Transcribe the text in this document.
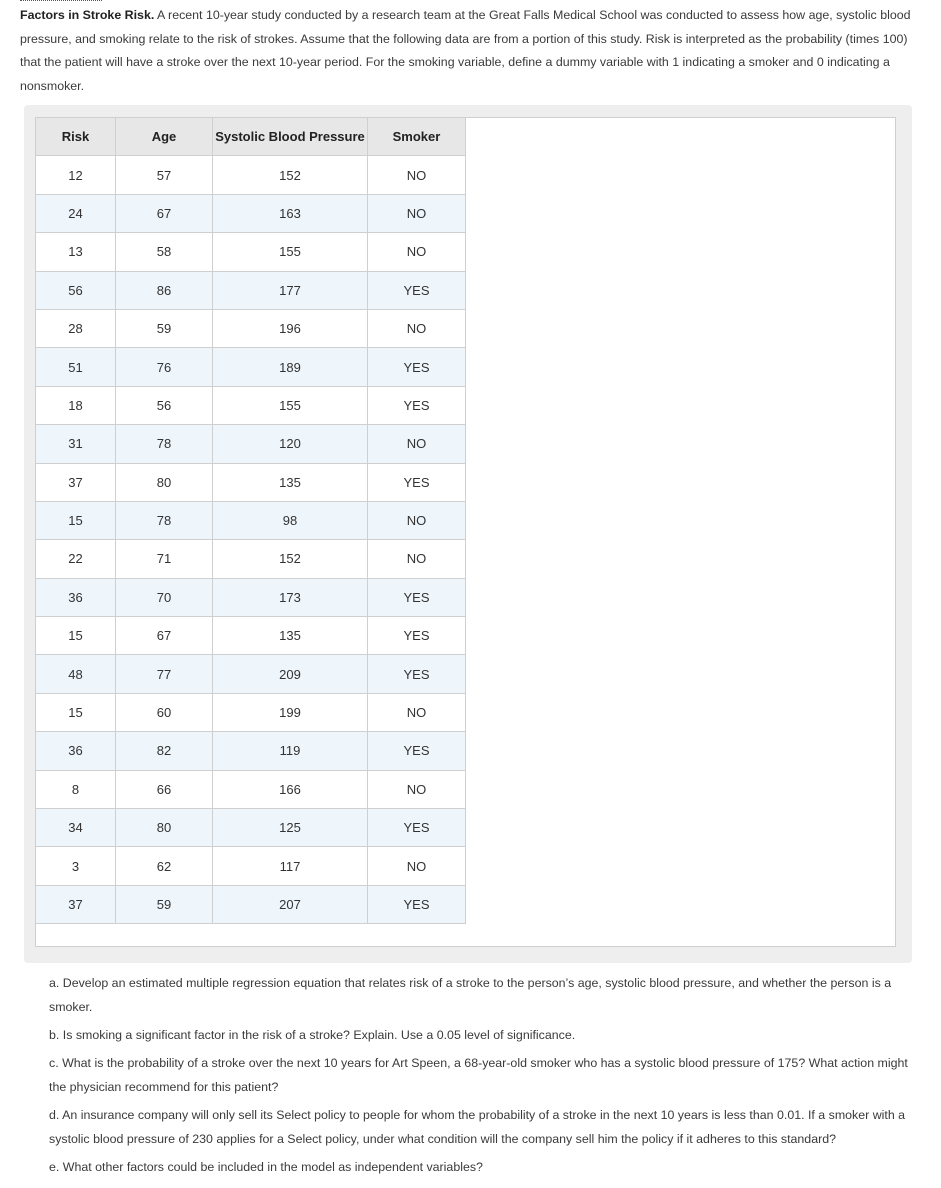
Factors in Stroke Risk. A recent 10-year study conducted by a research team at the Great Falls Medical School was conducted to assess how age, systolic blood pressure, and smoking relate to the risk of strokes. Assume that the following data are from a portion of this study. Risk is interpreted as the probability (times 100) that the patient will have a stroke over the next 10-year period. For the smoking variable, define a dummy variable with 1 indicating a smoker and 0 indicating a nonsmoker.
Risk	Age	Systolic Blood Pressure	Smoker
12	57	152	NO
24	67	163	NO
13	58	155	NO
56	86	177	YES
28	59	196	NO
51	76	189	YES
18	56	155	YES
31	78	120	NO
37	80	135	YES
15	78	98	NO
22	71	152	NO
36	70	173	YES
15	67	135	YES
48	77	209	YES
15	60	199	NO
36	82	119	YES
8	66	166	NO
34	80	125	YES
3	62	117	NO
37	59	207	YES

a. Develop an estimated multiple regression equation that relates risk of a stroke to the person’s age, systolic blood pressure, and whether the person is a smoker.

b. Is smoking a significant factor in the risk of a stroke? Explain. Use a 0.05 level of significance.

c. What is the probability of a stroke over the next 10 years for Art Speen, a 68-year-old smoker who has a systolic blood pressure of 175? What action might the physician recommend for this patient?

d. An insurance company will only sell its Select policy to people for whom the probability of a stroke in the next 10 years is less than 0.01. If a smoker with a systolic blood pressure of 230 applies for a Select policy, under what condition will the company sell him the policy if it adheres to this standard?

e. What other factors could be included in the model as independent variables?
